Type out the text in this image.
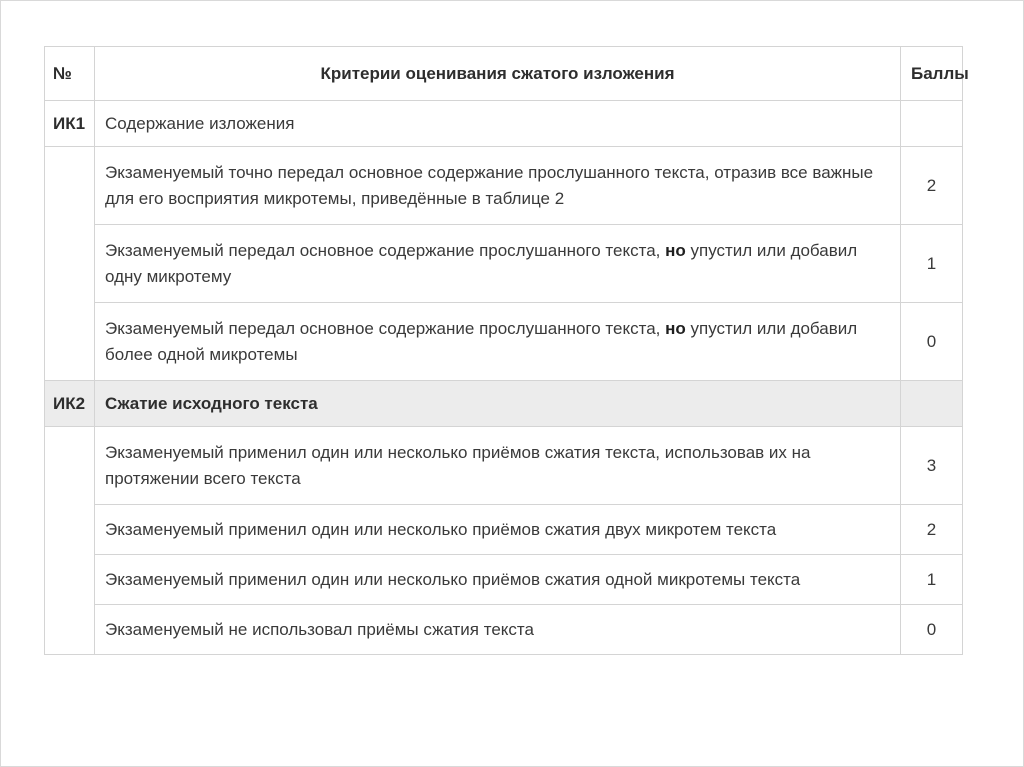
№	Критерии оценивания сжатого изложения	Баллы
ИК1	Содержание изложения	
	Экзаменуемый точно передал основное содержание прослушанного текста, отразив все важные для его восприятия микротемы, приведённые в таблице 2	2
	Экзаменуемый передал основное содержание прослушанного текста, но упустил или добавил одну микротему	1
	Экзаменуемый передал основное содержание прослушанного текста, но упустил или добавил более одной микротемы	0
ИК2	Сжатие исходного текста	
	Экзаменуемый применил один или несколько приёмов сжатия текста, использовав их на протяжении всего текста	3
	Экзаменуемый применил один или несколько приёмов сжатия двух микротем текста	2
	Экзаменуемый применил один или несколько приёмов сжатия одной микротемы текста	1
	Экзаменуемый не использовал приёмы сжатия текста	0
